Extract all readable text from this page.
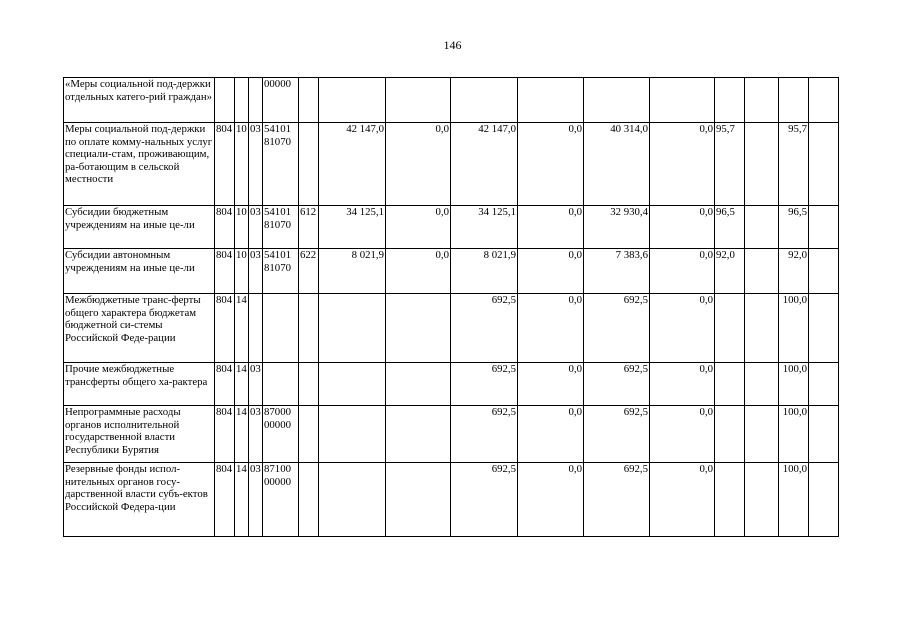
146
«Меры социальной под-держки отдельных катего-рий граждан»				00000											
Меры социальной под-держки по оплате комму-нальных услуг специали-стам, проживающим, ра-ботающим в сельской местности	804	10	03	54101 81070		42 147,0	0,0	42 147,0	0,0	40 314,0	0,0	95,7		95,7	
Субсидии бюджетным учреждениям на иные це-ли	804	10	03	54101 81070	612	34 125,1	0,0	34 125,1	0,0	32 930,4	0,0	96,5		96,5	
Субсидии автономным учреждениям на иные це-ли	804	10	03	54101 81070	622	8 021,9	0,0	8 021,9	0,0	7 383,6	0,0	92,0		92,0	
Межбюджетные транс-ферты общего характера бюджетам бюджетной си-стемы Российской Феде-рации	804	14						692,5	0,0	692,5	0,0			100,0	
Прочие межбюджетные трансферты общего ха-рактера	804	14	03					692,5	0,0	692,5	0,0			100,0	
Непрограммные расходы органов исполнительной государственной власти Республики Бурятия	804	14	03	87000 00000				692,5	0,0	692,5	0,0			100,0	
Резервные фонды испол-нительных органов госу-дарственной власти субъ-ектов Российской Федера-ции	804	14	03	87100 00000				692,5	0,0	692,5	0,0			100,0	
